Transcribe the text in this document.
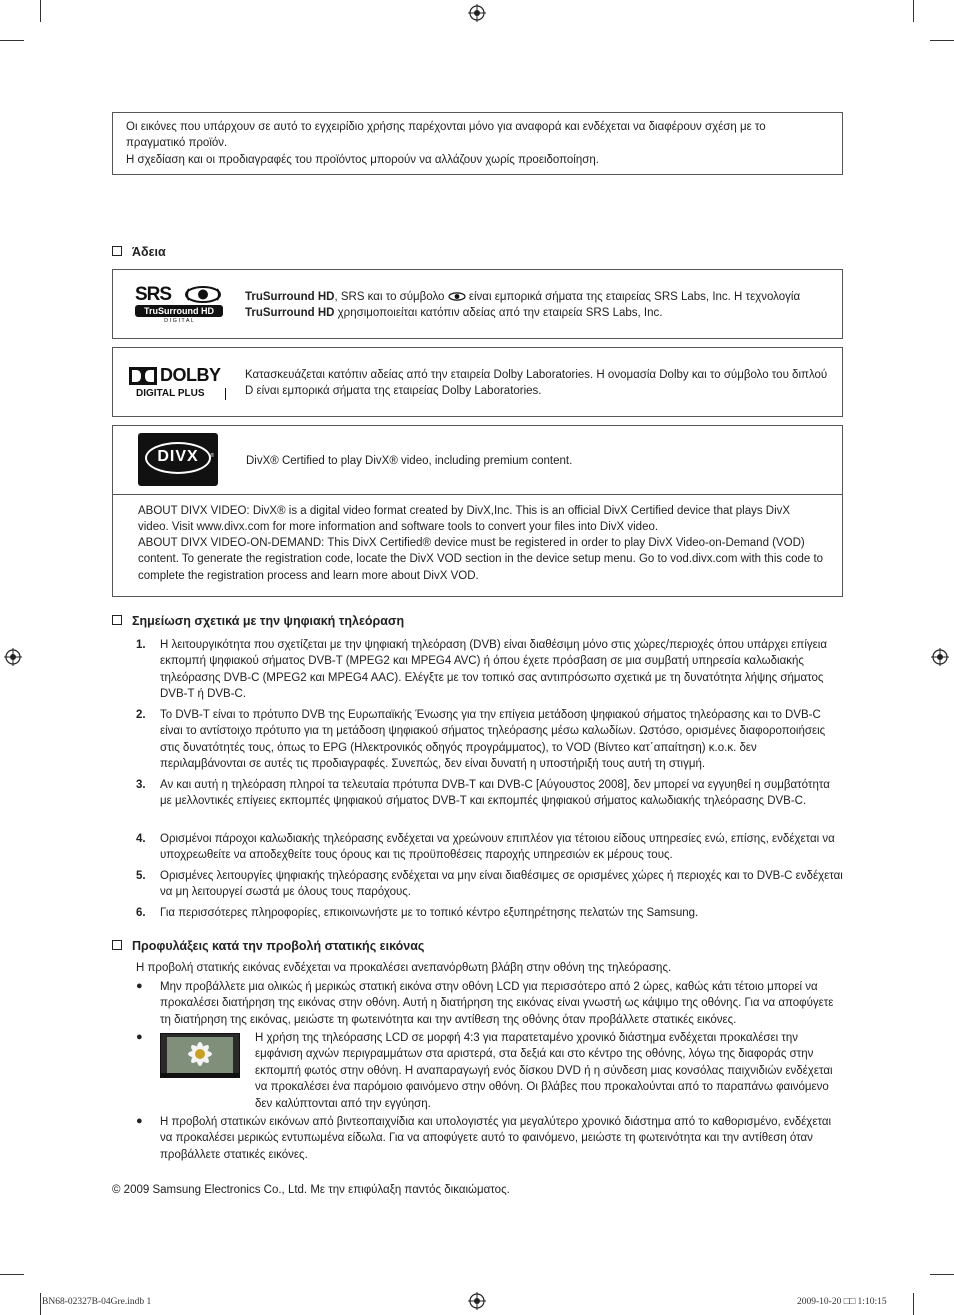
Οι εικόνες που υπάρχουν σε αυτό το εγχειρίδιο χρήσης παρέχονται μόνο για αναφορά και ενδέχεται να διαφέρουν σχέση με το πραγματικό προϊόν.
Η σχεδίαση και οι προδιαγραφές του προϊόντος μπορούν να αλλάζουν χωρίς προειδοποίηση.
Άδεια
SRS
TruSurround HD
D I G I T A L
TruSurround HD, SRS και το σύμβολο είναι εμπορικά σήματα της εταιρείας SRS Labs, Inc. Η τεχνολογία
TruSurround HD χρησιμοποιείται κατόπιν αδείας από την εταιρεία SRS Labs, Inc.
DOLBY
DIGITAL PLUS
Κατασκευάζεται κατόπιν αδείας από την εταιρεία Dolby Laboratories. Η ονομασία Dolby και το σύμβολο του διπλού D είναι εμπορικά σήματα της εταιρείας Dolby Laboratories.
DIVX	®	DivX® Certified to play DivX® video, including premium content.
ABOUT DIVX VIDEO: DivX® is a digital video format created by DivX,Inc. This is an official DivX Certified device that plays DivX video. Visit www.divx.com for more information and software tools to convert your files into DivX video.
ABOUT DIVX VIDEO-ON-DEMAND: This DivX Certified® device must be registered in order to play DivX Video-on-Demand (VOD) content. To generate the registration code, locate the DivX VOD section in the device setup menu. Go to vod.divx.com with this code to complete the registration process and learn more about DivX VOD.
Σημείωση σχετικά με την ψηφιακή τηλεόραση
1.	Η λειτουργικότητα που σχετίζεται με την ψηφιακή τηλεόραση (DVB) είναι διαθέσιμη μόνο στις χώρες/περιοχές όπου υπάρχει επίγεια εκπομπή ψηφιακού σήματος DVB-T (MPEG2 και MPEG4 AVC) ή όπου έχετε πρόσβαση σε μια συμβατή υπηρεσία καλωδιακής τηλεόρασης DVB-C (MPEG2 και MPEG4 AAC). Ελέγξτε με τον τοπικό σας αντιπρόσωπο σχετικά με τη δυνατότητα λήψης σήματος DVB-T ή DVB-C.
2.	Το DVB-T είναι το πρότυπο DVB της Ευρωπαϊκής Ένωσης για την επίγεια μετάδοση ψηφιακού σήματος τηλεόρασης και το DVB-C είναι το αντίστοιχο πρότυπο για τη μετάδοση ψηφιακού σήματος τηλεόρασης μέσω καλωδίων. Ωστόσο, ορισμένες διαφοροποιήσεις στις δυνατότητές τους, όπως το EPG (Ηλεκτρονικός οδηγός προγράμματος), το VOD (Βίντεο κατ΄απαίτηση) κ.ο.κ. δεν περιλαμβάνονται σε αυτές τις προδιαγραφές. Συνεπώς, δεν είναι δυνατή η υποστήριξή τους αυτή τη στιγμή.
3.	Αν και αυτή η τηλεόραση πληροί τα τελευταία πρότυπα DVB-T και DVB-C [Αύγουστος 2008], δεν μπορεί να εγγυηθεί η συμβατότητα με μελλοντικές επίγειες εκπομπές ψηφιακού σήματος DVB-T και εκπομπές ψηφιακού σήματος καλωδιακής τηλεόρασης DVB-C.
4.	Ορισμένοι πάροχοι καλωδιακής τηλεόρασης ενδέχεται να χρεώνουν επιπλέον για τέτοιου είδους υπηρεσίες ενώ, επίσης, ενδέχεται να υποχρεωθείτε να αποδεχθείτε τους όρους και τις προϋποθέσεις παροχής υπηρεσιών εκ μέρους τους.
5.	Ορισμένες λειτουργίες ψηφιακής τηλεόρασης ενδέχεται να μην είναι διαθέσιμες σε ορισμένες χώρες ή περιοχές και το DVB-C ενδέχεται να μη λειτουργεί σωστά με όλους τους παρόχους.
6.	Για περισσότερες πληροφορίες, επικοινωνήστε με το τοπικό κέντρο εξυπηρέτησης πελατών της Samsung.
Προφυλάξεις κατά την προβολή στατικής εικόνας
Η προβολή στατικής εικόνας ενδέχεται να προκαλέσει ανεπανόρθωτη βλάβη στην οθόνη της τηλεόρασης.
● Μην προβάλλετε μια ολικώς ή μερικώς στατική εικόνα στην οθόνη LCD για περισσότερο από 2 ώρες, καθώς κάτι τέτοιο μπορεί να προκαλέσει διατήρηση της εικόνας στην οθόνη. Αυτή η διατήρηση της εικόνας είναι γνωστή ως κάψιμο της οθόνης. Για να αποφύγετε τη διατήρηση της εικόνας, μειώστε τη φωτεινότητα και την αντίθεση της οθόνης όταν προβάλλετε στατικές εικόνες.
●	Η χρήση της τηλεόρασης LCD σε μορφή 4:3 για παρατεταμένο χρονικό διάστημα ενδέχεται προκαλέσει την εμφάνιση αχνών περιγραμμάτων στα αριστερά, στα δεξιά και στο κέντρο της οθόνης, λόγω της διαφοράς στην εκπομπή φωτός στην οθόνη. Η αναπαραγωγή ενός δίσκου DVD ή η σύνδεση μιας κονσόλας παιχνιδιών ενδέχεται να προκαλέσει ένα παρόμοιο φαινόμενο στην οθόνη. Οι βλάβες που προκαλούνται από το παραπάνω φαινόμενο δεν καλύπτονται από την εγγύηση.
● Η προβολή στατικών εικόνων από βιντεοπαιχνίδια και υπολογιστές για μεγαλύτερο χρονικό διάστημα από το καθορισμένο, ενδέχεται να προκαλέσει μερικώς εντυπωμένα είδωλα. Για να αποφύγετε αυτό το φαινόμενο, μειώστε τη φωτεινότητα και την αντίθεση όταν προβάλλετε στατικές εικόνες.
© 2009 Samsung Electronics Co., Ltd. Με την επιφύλαξη παντός δικαιώματος.
BN68-02327B-04Gre.indb 1	2009-10-20 □□ 1:10:15
